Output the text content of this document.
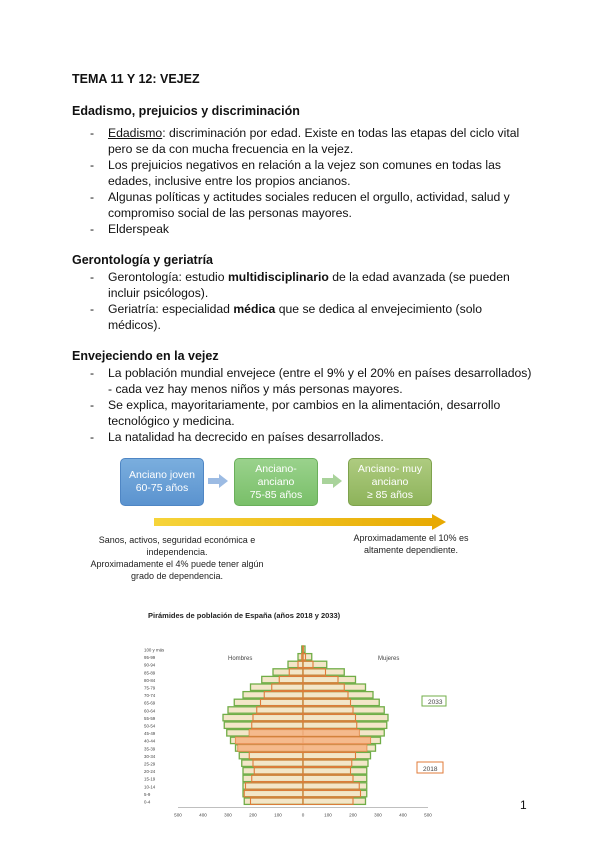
TEMA 11 Y 12: VEJEZ
Edadismo, prejuicios y discriminación
- Edadismo: discriminación por edad. Existe en todas las etapas del ciclo vital pero se da con mucha frecuencia en la vejez.
- Los prejuicios negativos en relación a la vejez son comunes en todas las edades, inclusive entre los propios ancianos.
- Algunas políticas y actitudes sociales reducen el orgullo, actividad, salud y compromiso social de las personas mayores.
- Elderspeak
Gerontología y geriatría
- Gerontología: estudio multidisciplinario de la edad avanzada (se pueden incluir psicólogos).
- Geriatría: especialidad médica que se dedica al envejecimiento (solo médicos).
Envejeciendo en la vejez
- La población mundial envejece (entre el 9% y el 20% en países desarrollados) - cada vez hay menos niños y más personas mayores.
- Se explica, mayoritariamente, por cambios en la alimentación, desarrollo tecnológico y medicina.
- La natalidad ha decrecido en países desarrollados.
Anciano joven
60-75 años
Anciano-
anciano
75-85 años
Anciano- muy
anciano
≥ 85 años
Sanos, activos, seguridad económica e independencia.
Aproximadamente el 4% puede tener algún grado de dependencia.
Aproximadamente el 10% es altamente dependiente.
Pirámides de población de España (años 2018 y 2033)
Hombres	Mujeres
100 y más
95-99
90-94
85-89
80-84
75-79
70-74
65-69
60-64
55-59
50-54
45-49
40-44
35-39
30-34
25-29
20-24
15-19
10-14
5-9
0-4
500	400	300	200	100	0	100	200	300	400	500
2033
2018
1
